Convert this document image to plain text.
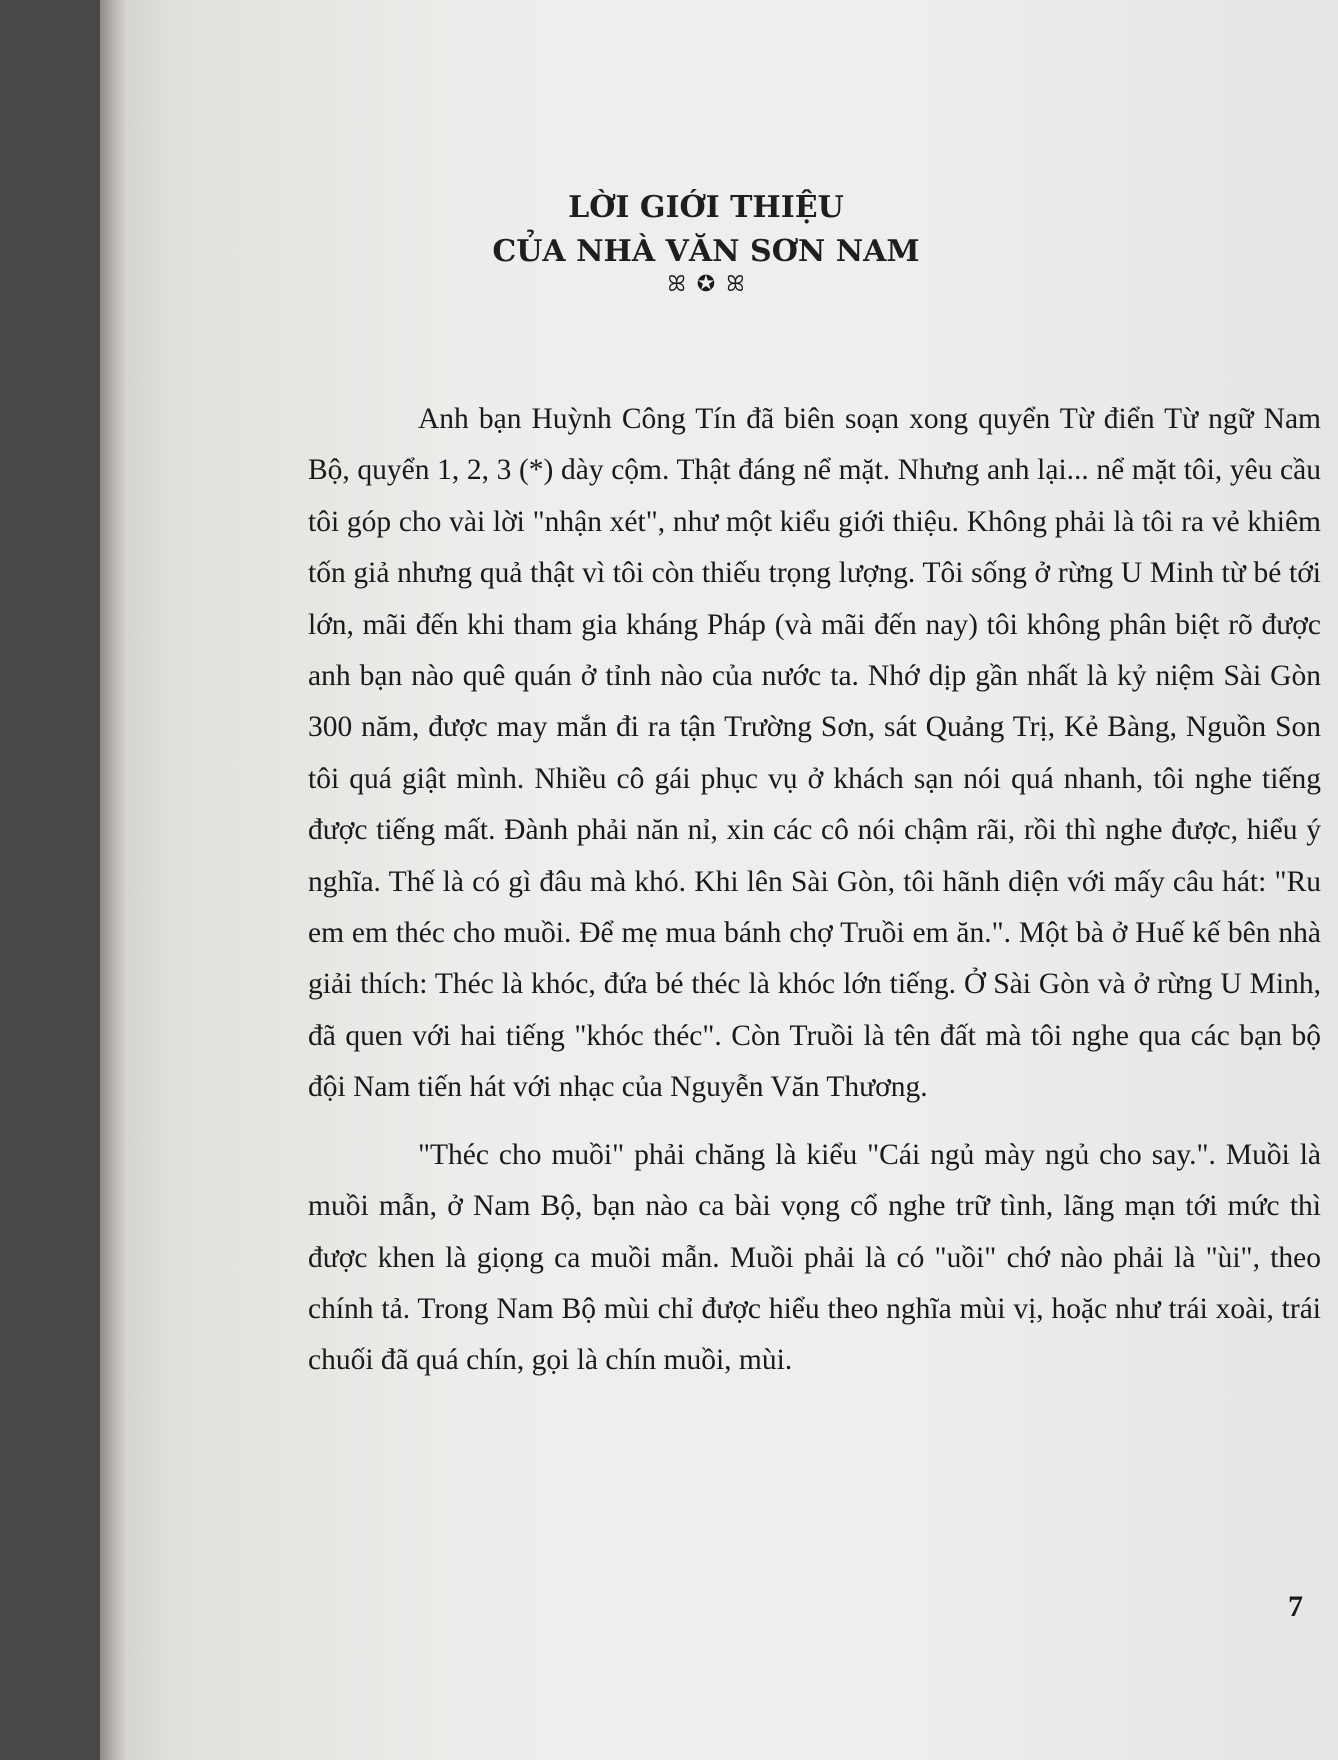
LỜI GIỚI THIỆU
CỦA NHÀ VĂN SƠN NAM
ꕤ ✪ ꕤ

Anh bạn Huỳnh Công Tín đã biên soạn xong quyển Từ điển Từ ngữ Nam Bộ, quyển 1, 2, 3 (*) dày cộm. Thật đáng nể mặt. Nhưng anh lại... nể mặt tôi, yêu cầu tôi góp cho vài lời "nhận xét", như một kiểu giới thiệu. Không phải là tôi ra vẻ khiêm tốn giả nhưng quả thật vì tôi còn thiếu trọng lượng. Tôi sống ở rừng U Minh từ bé tới lớn, mãi đến khi tham gia kháng Pháp (và mãi đến nay) tôi không phân biệt rõ được anh bạn nào quê quán ở tỉnh nào của nước ta. Nhớ dịp gần nhất là kỷ niệm Sài Gòn 300 năm, được may mắn đi ra tận Trường Sơn, sát Quảng Trị, Kẻ Bàng, Nguồn Son tôi quá giật mình. Nhiều cô gái phục vụ ở khách sạn nói quá nhanh, tôi nghe tiếng được tiếng mất. Đành phải năn nỉ, xin các cô nói chậm rãi, rồi thì nghe được, hiểu ý nghĩa. Thế là có gì đâu mà khó. Khi lên Sài Gòn, tôi hãnh diện với mấy câu hát: "Ru em em théc cho muồi. Để mẹ mua bánh chợ Truồi em ăn.". Một bà ở Huế kế bên nhà giải thích: Théc là khóc, đứa bé théc là khóc lớn tiếng. Ở Sài Gòn và ở rừng U Minh, đã quen với hai tiếng "khóc théc". Còn Truồi là tên đất mà tôi nghe qua các bạn bộ đội Nam tiến hát với nhạc của Nguyễn Văn Thương.

"Théc cho muồi" phải chăng là kiểu "Cái ngủ mày ngủ cho say.". Muồi là muồi mẫn, ở Nam Bộ, bạn nào ca bài vọng cổ nghe trữ tình, lãng mạn tới mức thì được khen là giọng ca muồi mẫn. Muồi phải là có "uồi" chớ nào phải là "ùi", theo chính tả. Trong Nam Bộ mùi chỉ được hiểu theo nghĩa mùi vị, hoặc như trái xoài, trái chuối đã quá chín, gọi là chín muồi, mùi.

7
